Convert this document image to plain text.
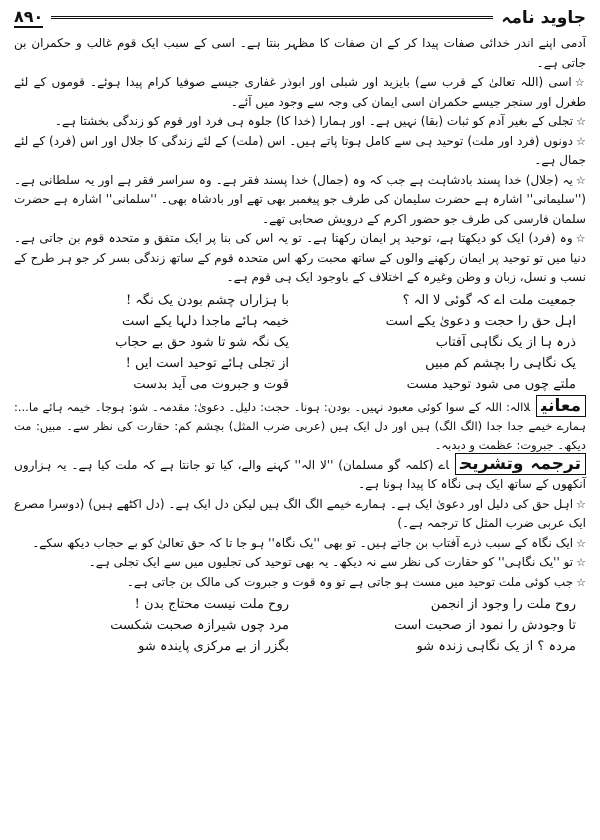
جاوید نامہ
۸۹۰

آدمی اپنے اندر خدائی صفات پیدا کر کے ان صفات کا مظہر بنتا ہے۔ اسی کے سبب ایک قوم غالب و حکمران بن جاتی ہے۔

☆اسی (اللہ تعالیٰ کے قرب سے) بایزید اور شبلی اور ابوذر غفاری جیسے صوفیا کرام پیدا ہوئے۔ قوموں کے لئے طغرل اور سنجر جیسے حکمران اسی ایمان کی وجہ سے وجود میں آئے۔

☆تجلی کے بغیر آدم کو ثبات (بقا) نہیں ہے۔ اور ہمارا (خدا کا) جلوہ ہی فرد اور قوم کو زندگی بخشتا ہے۔

☆دونوں (فرد اور ملت) توحید ہی سے کامل ہوتا پاتے ہیں۔ اس (ملت) کے لئے زندگی کا جلال اور اس (فرد) کے لئے جمال ہے۔

☆یہ (جلال) خدا پسند بادشاہت ہے جب کہ وہ (جمال) خدا پسند فقر ہے۔ وہ سراسر فقر ہے اور یہ سلطانی ہے۔ (''سلیمانی'' اشارہ ہے حضرت سلیمان کی طرف جو پیغمبر بھی تھے اور بادشاہ بھی۔ ''سلمانی'' اشارہ ہے حضرت سلمان فارسی کی طرف جو حضور اکرم کے درویش صحابی تھے۔

☆وہ (فرد) ایک کو دیکھتا ہے، توحید پر ایمان رکھتا ہے۔ تو یہ اس کی بنا پر ایک متفق و متحدہ قوم بن جاتی ہے۔ دنیا میں تو توحید پر ایمان رکھنے والوں کے ساتھ محبت رکھ اس متحدہ قوم کے ساتھ زندگی بسر کر جو ہر طرح کے نسب و نسل، زبان و وطن وغیرہ کے اختلاف کے باوجود ایک ہی قوم ہے۔

جمعیت ملت اے کہ گوئی لا الہ ؟
با ہزاراں چشم بودن یک نگہ !
اہل حق را حجت و دعویٰ یکے است
خیمہ ہائے ماجدا دلہا یکے است
ذرہ ہا از یک نگاہی آفتاب
یک نگہ شو تا شود حق بے حجاب
یک نگاہی را بچشم کم مبیں
از تجلی ہائے توحید است ایں !
ملتے چوں می شود توحید مست
قوت و جبروت می آید بدست

معانیلاالہ: اللہ کے سوا کوئی معبود نہیں۔ بودن: ہونا۔ حجت: دلیل۔ دعویٰ: مقدمہ۔ شو: ہوجا۔ خیمہ ہائے ما...: ہمارے خیمے جدا جدا (الگ الگ) ہیں اور دل ایک ہیں (عربی ضرب المثل) بچشم کم: حقارت کی نظر سے۔ مبیں: مت دیکھ۔ جبروت: عظمت و دبدبہ۔

ترجمہ وتشریحاے (کلمہ گو مسلمان) ''لا الہ'' کہنے والے، کیا تو جانتا ہے کہ ملت کیا ہے۔ یہ ہزاروں آنکھوں کے ساتھ ایک ہی نگاہ کا پیدا ہونا ہے۔

☆اہل حق کی دلیل اور دعویٰ ایک ہے۔ ہمارے خیمے الگ الگ ہیں لیکن دل ایک ہے۔ (دل اکٹھے ہیں) (دوسرا مصرع ایک عربی ضرب المثل کا ترجمہ ہے۔)

☆ایک نگاہ کے سبب ذرے آفتاب بن جاتے ہیں۔ تو بھی ''یک نگاہ'' ہو جا تا کہ حق تعالیٰ کو بے حجاب دیکھ سکے۔

☆تو ''یک نگاہی'' کو حقارت کی نظر سے نہ دیکھ۔ یہ بھی توحید کی تجلیوں میں سے ایک تجلی ہے۔

☆جب کوئی ملت توحید میں مست ہو جاتی ہے تو وہ قوت و جبروت کی مالک بن جاتی ہے۔

روح ملت را وجود از انجمن
روح ملت نیست محتاج بدن !
تا وجودش را نمود از صحبت است
مرد چوں شیرازہ صحبت شکست
مردہ ؟ از یک نگاہی زندہ شو
بگزر از بے مرکزی پایندہ شو
